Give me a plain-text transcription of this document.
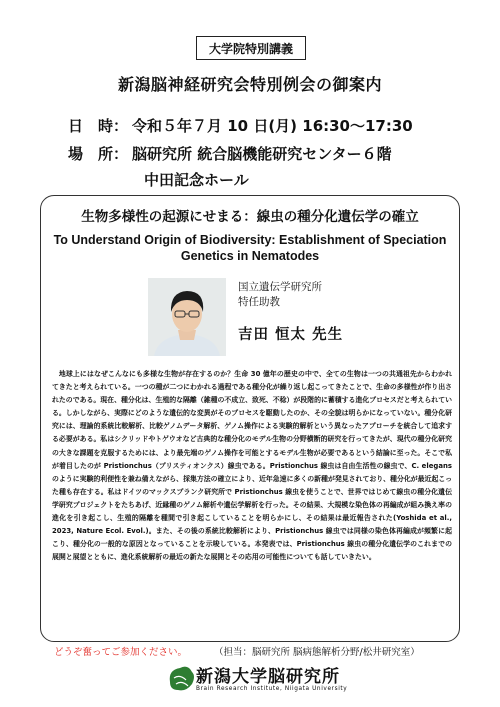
大学院特別講義
新潟脳神経研究会特別例会の御案内
日　時： 令和５年７月 10 日(月) 16:30〜17:30
場　所： 脳研究所 統合脳機能研究センター６階
中田記念ホール
生物多様性の起源にせまる：線虫の種分化遺伝学の確立
To Understand Origin of Biodiversity: Establishment of Speciation Genetics in Nematodes
国立遺伝学研究所
特任助教
吉田 恒太 先生
地球上にはなぜこんなにも多様な生物が存在するのか？生命 30 億年の歴史の中で、全ての生物は一つの共通祖先からわかれてきたと考えられている。一つの種が二つにわかれる過程である種分化が繰り返し起こってきたことで、生命の多様性が作り出されたのである。現在、種分化は、生殖的な隔離（雑種の不成立、致死、不稔）が段階的に蓄積する進化プロセスだと考えられている。しかしながら、実際にどのような遺伝的な変異がそのプロセスを駆動したのか、その全貌は明らかになっていない。種分化研究には、理論的系統比較解析、比較ゲノムデータ解析、ゲノム操作による実験的解析という異なったアプローチを統合して追求する必要がある。私はシクリッドやトゲウオなど古典的な種分化のモデル生物の分野横断的研究を行ってきたが、現代の種分化研究の大きな課題を克服するためには、より最先端のゲノム操作を可能とするモデル生物が必要であるという結論に至った。そこで私が着目したのが Pristionchus（プリスティオンクス）線虫である。Pristionchus 線虫は自由生活性の線虫で、C. elegans のように実験的利便性を兼ね備えながら、採集方法の確立により、近年急速に多くの新種が発見されており、種分化が最近起こった種も存在する。私はドイツのマックスプランク研究所で Pristionchus 線虫を使うことで、世界ではじめて線虫の種分化遺伝学研究プロジェクトをたちあげ、近縁種のゲノム解析や遺伝学解析を行った。その結果、大規模な染色体の再編成が組み換え率の進化を引き起こし、生殖的隔離を種間で引き起こしていることを明らかにし、その結果は最近報告された(Yoshida et al., 2023, Nature Ecol. Evol.)。また、その後の系統比較解析により、Pristionchus 線虫では同様の染色体再編成が頻繁に起こり、種分化の一般的な原因となっていることを示唆している。本発表では、Pristionchus 線虫の種分化遺伝学のこれまでの展開と展望とともに、進化系統解析の最近の新たな展開とその応用の可能性についても話していきたい。
どうぞ奮ってご参加ください。	（担当：脳研究所 脳病態解析分野/松井研究室）
新潟大学脳研究所
Brain Research Institute, Niigata University
